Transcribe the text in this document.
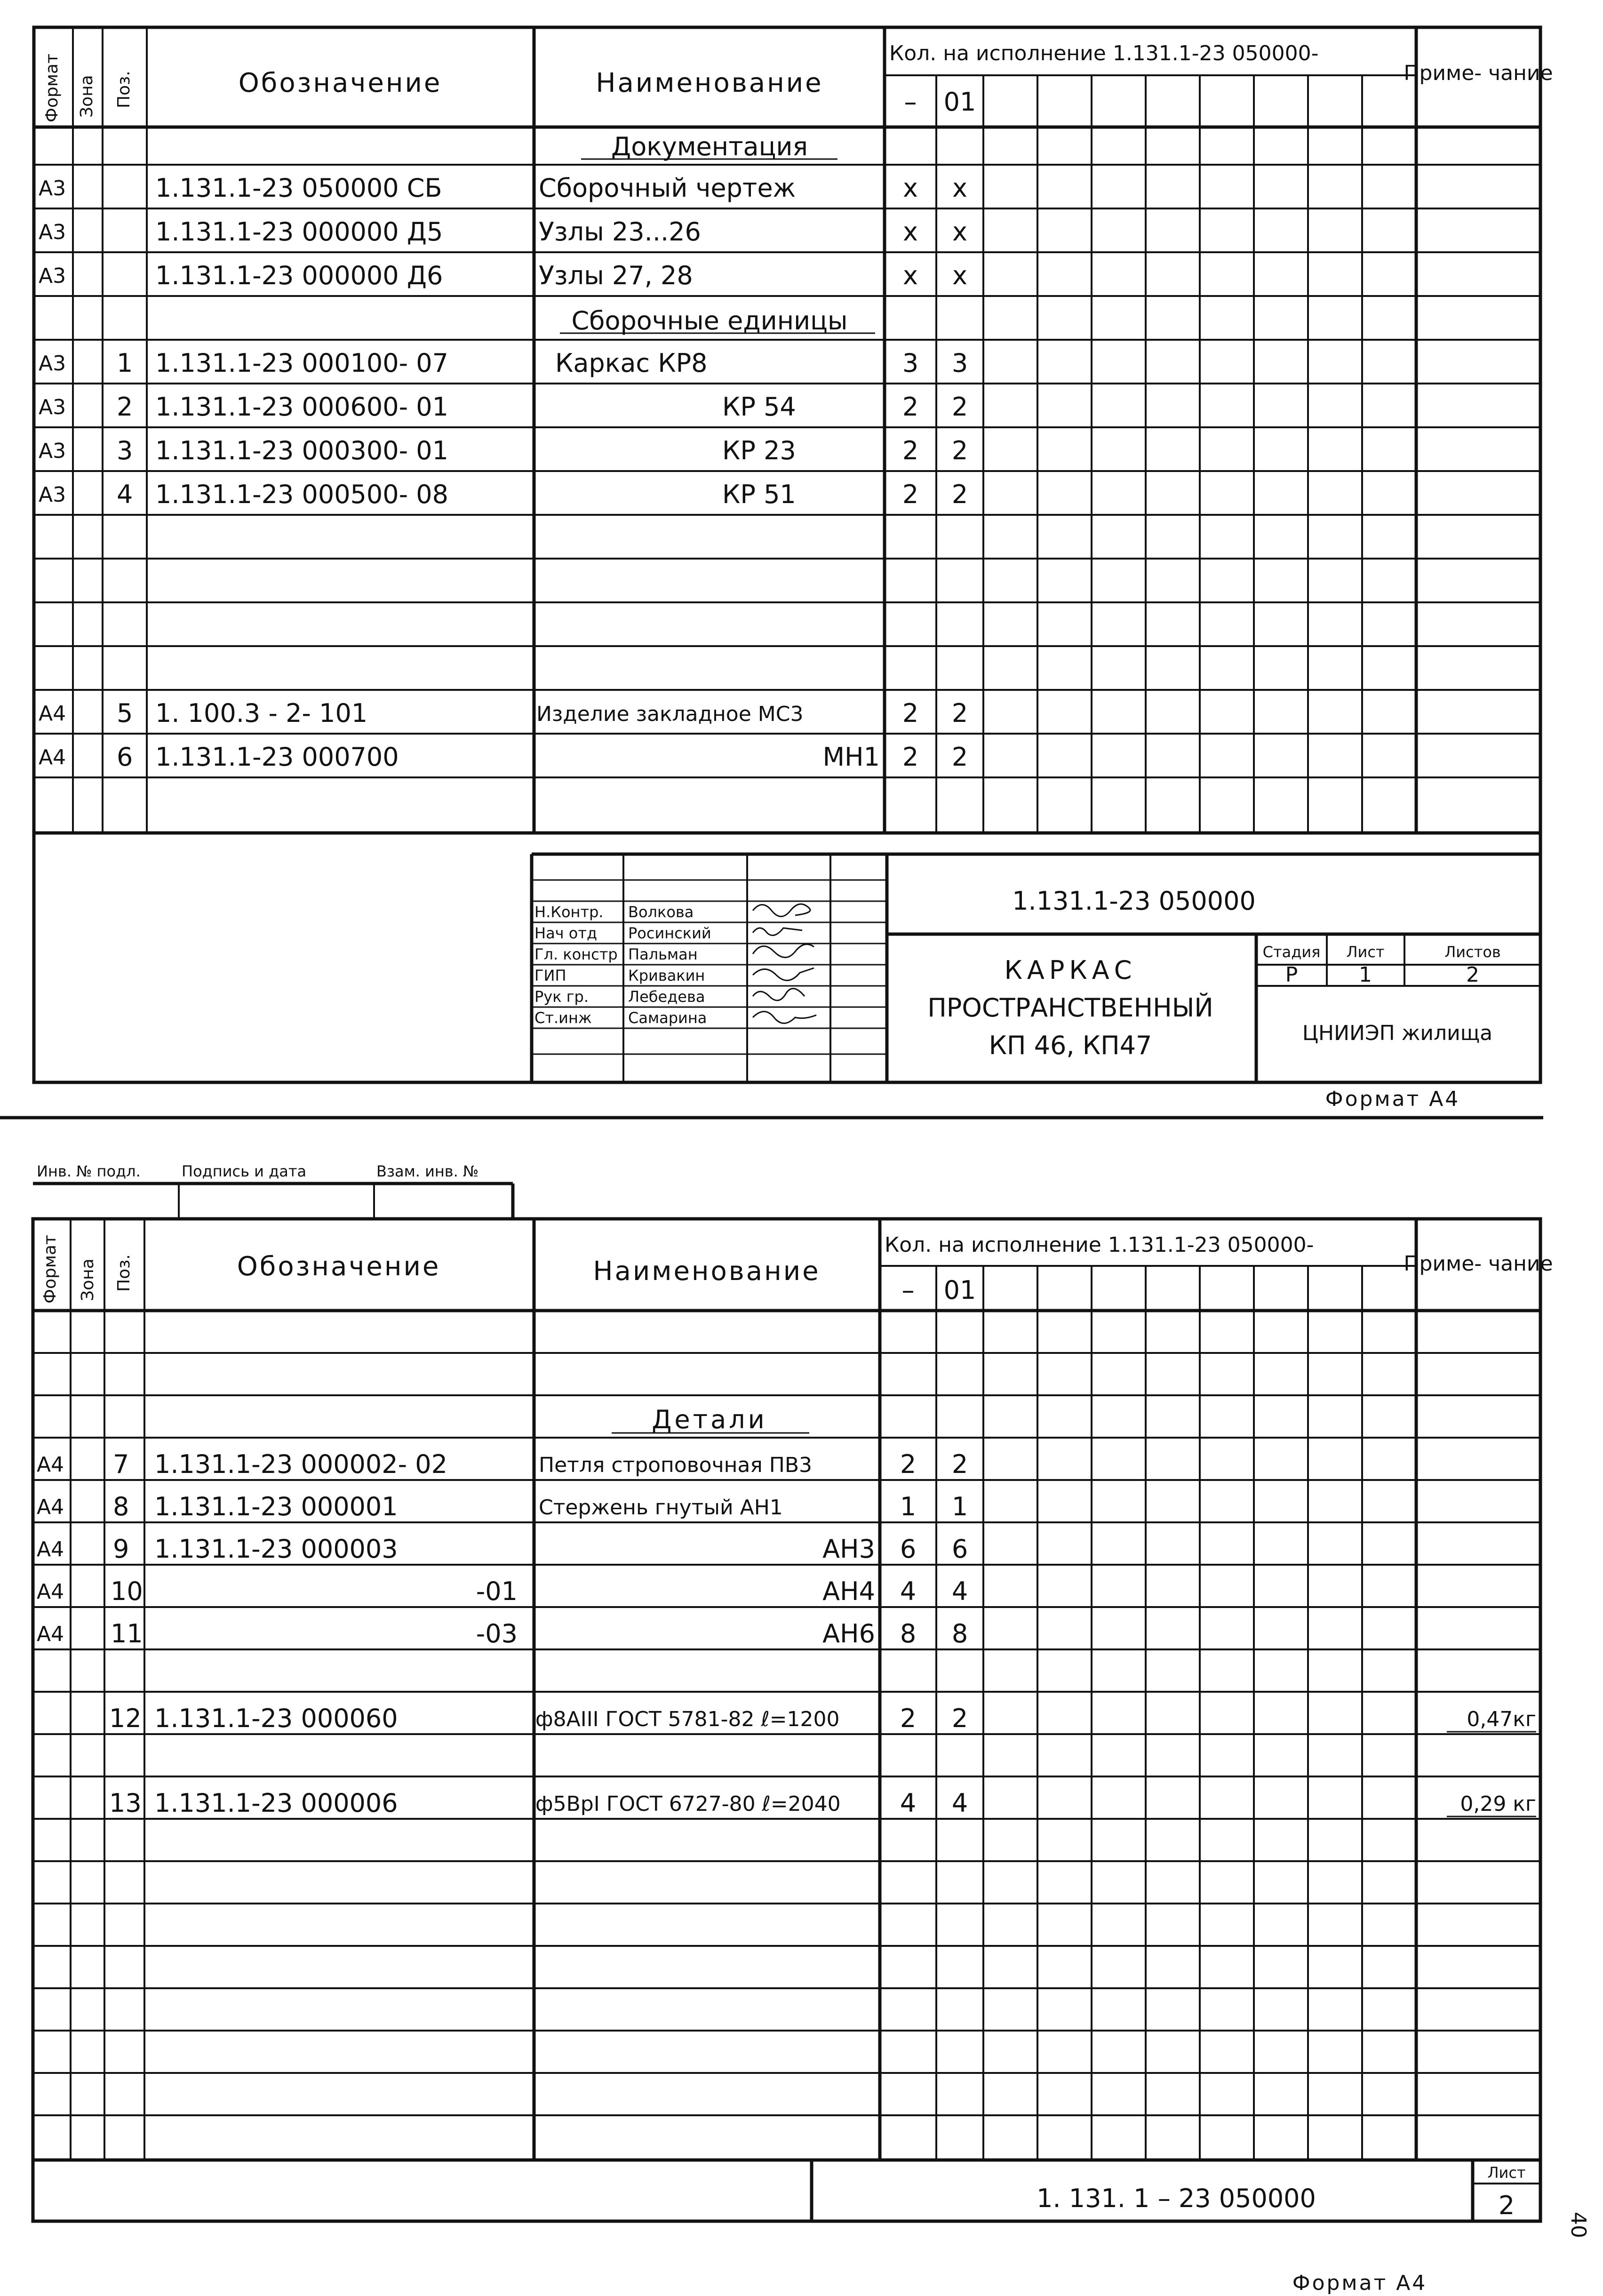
Формат Зона Поз.	Обозначение	Наименование
Кол. на исполнение 1.131.1-23 050000-
– 01
Приме- чание
Документация
Сборочные единицы
А3	1.131.1-23 050000 СБ	Сборочный чертеж	х х
А3	1.131.1-23 000000 Д5	Узлы 23...26	х х
А3	1.131.1-23 000000 Д6	Узлы 27, 28	х х
А3 1 1.131.1-23 000100- 07	Каркас КР8	3 3
А3 2 1.131.1-23 000600- 01	КР 54	2 2
А3 3 1.131.1-23 000300- 01	КР 23	2 2
А3 4 1.131.1-23 000500- 08	КР 51	2 2
А4 5 1. 100.3 - 2- 101	Изделие закладное МС3	2 2
А4 6 1.131.1-23 000700	МН1 2 2
Н.Контр. Волкова
Нач отд Росинский
Гл. констр Пальман
ГИП	Кривакин
Рук гр.	Лебедева
Ст.инж Самарина
1.131.1-23 050000
КАРКАС
ПРОСТРАНСТВЕННЫЙ
КП 46, КП47
Стадия Лист	Листов
Р	1	2
ЦНИИЭП жилища
Формат А4
Инв. № подл.	Подпись и дата	Взам. инв. №
Формат Зона Поз.	Обозначение	Наименование
Кол. на исполнение 1.131.1-23 050000-
– 01
Приме- чание
Детали
А4 7 1.131.1-23 000002- 02	Петля строповочная ПВ3	2 2
А4 8 1.131.1-23 000001	Стержень гнутый АН1	1 1
А4 9 1.131.1-23 000003	АН3 6 6
А4 10	-01	АН4 4 4
А4 11	-03	АН6 8 8
12 1.131.1-23 000060	ф8АIII ГОСТ 5781-82 ℓ=1200 2 2	0,47кг
13 1.131.1-23 000006	ф5ВрI ГОСТ 6727-80 ℓ=2040 4 4	0,29 кг
1. 131. 1 – 23 050000
Лист
2
Формат А4
40
